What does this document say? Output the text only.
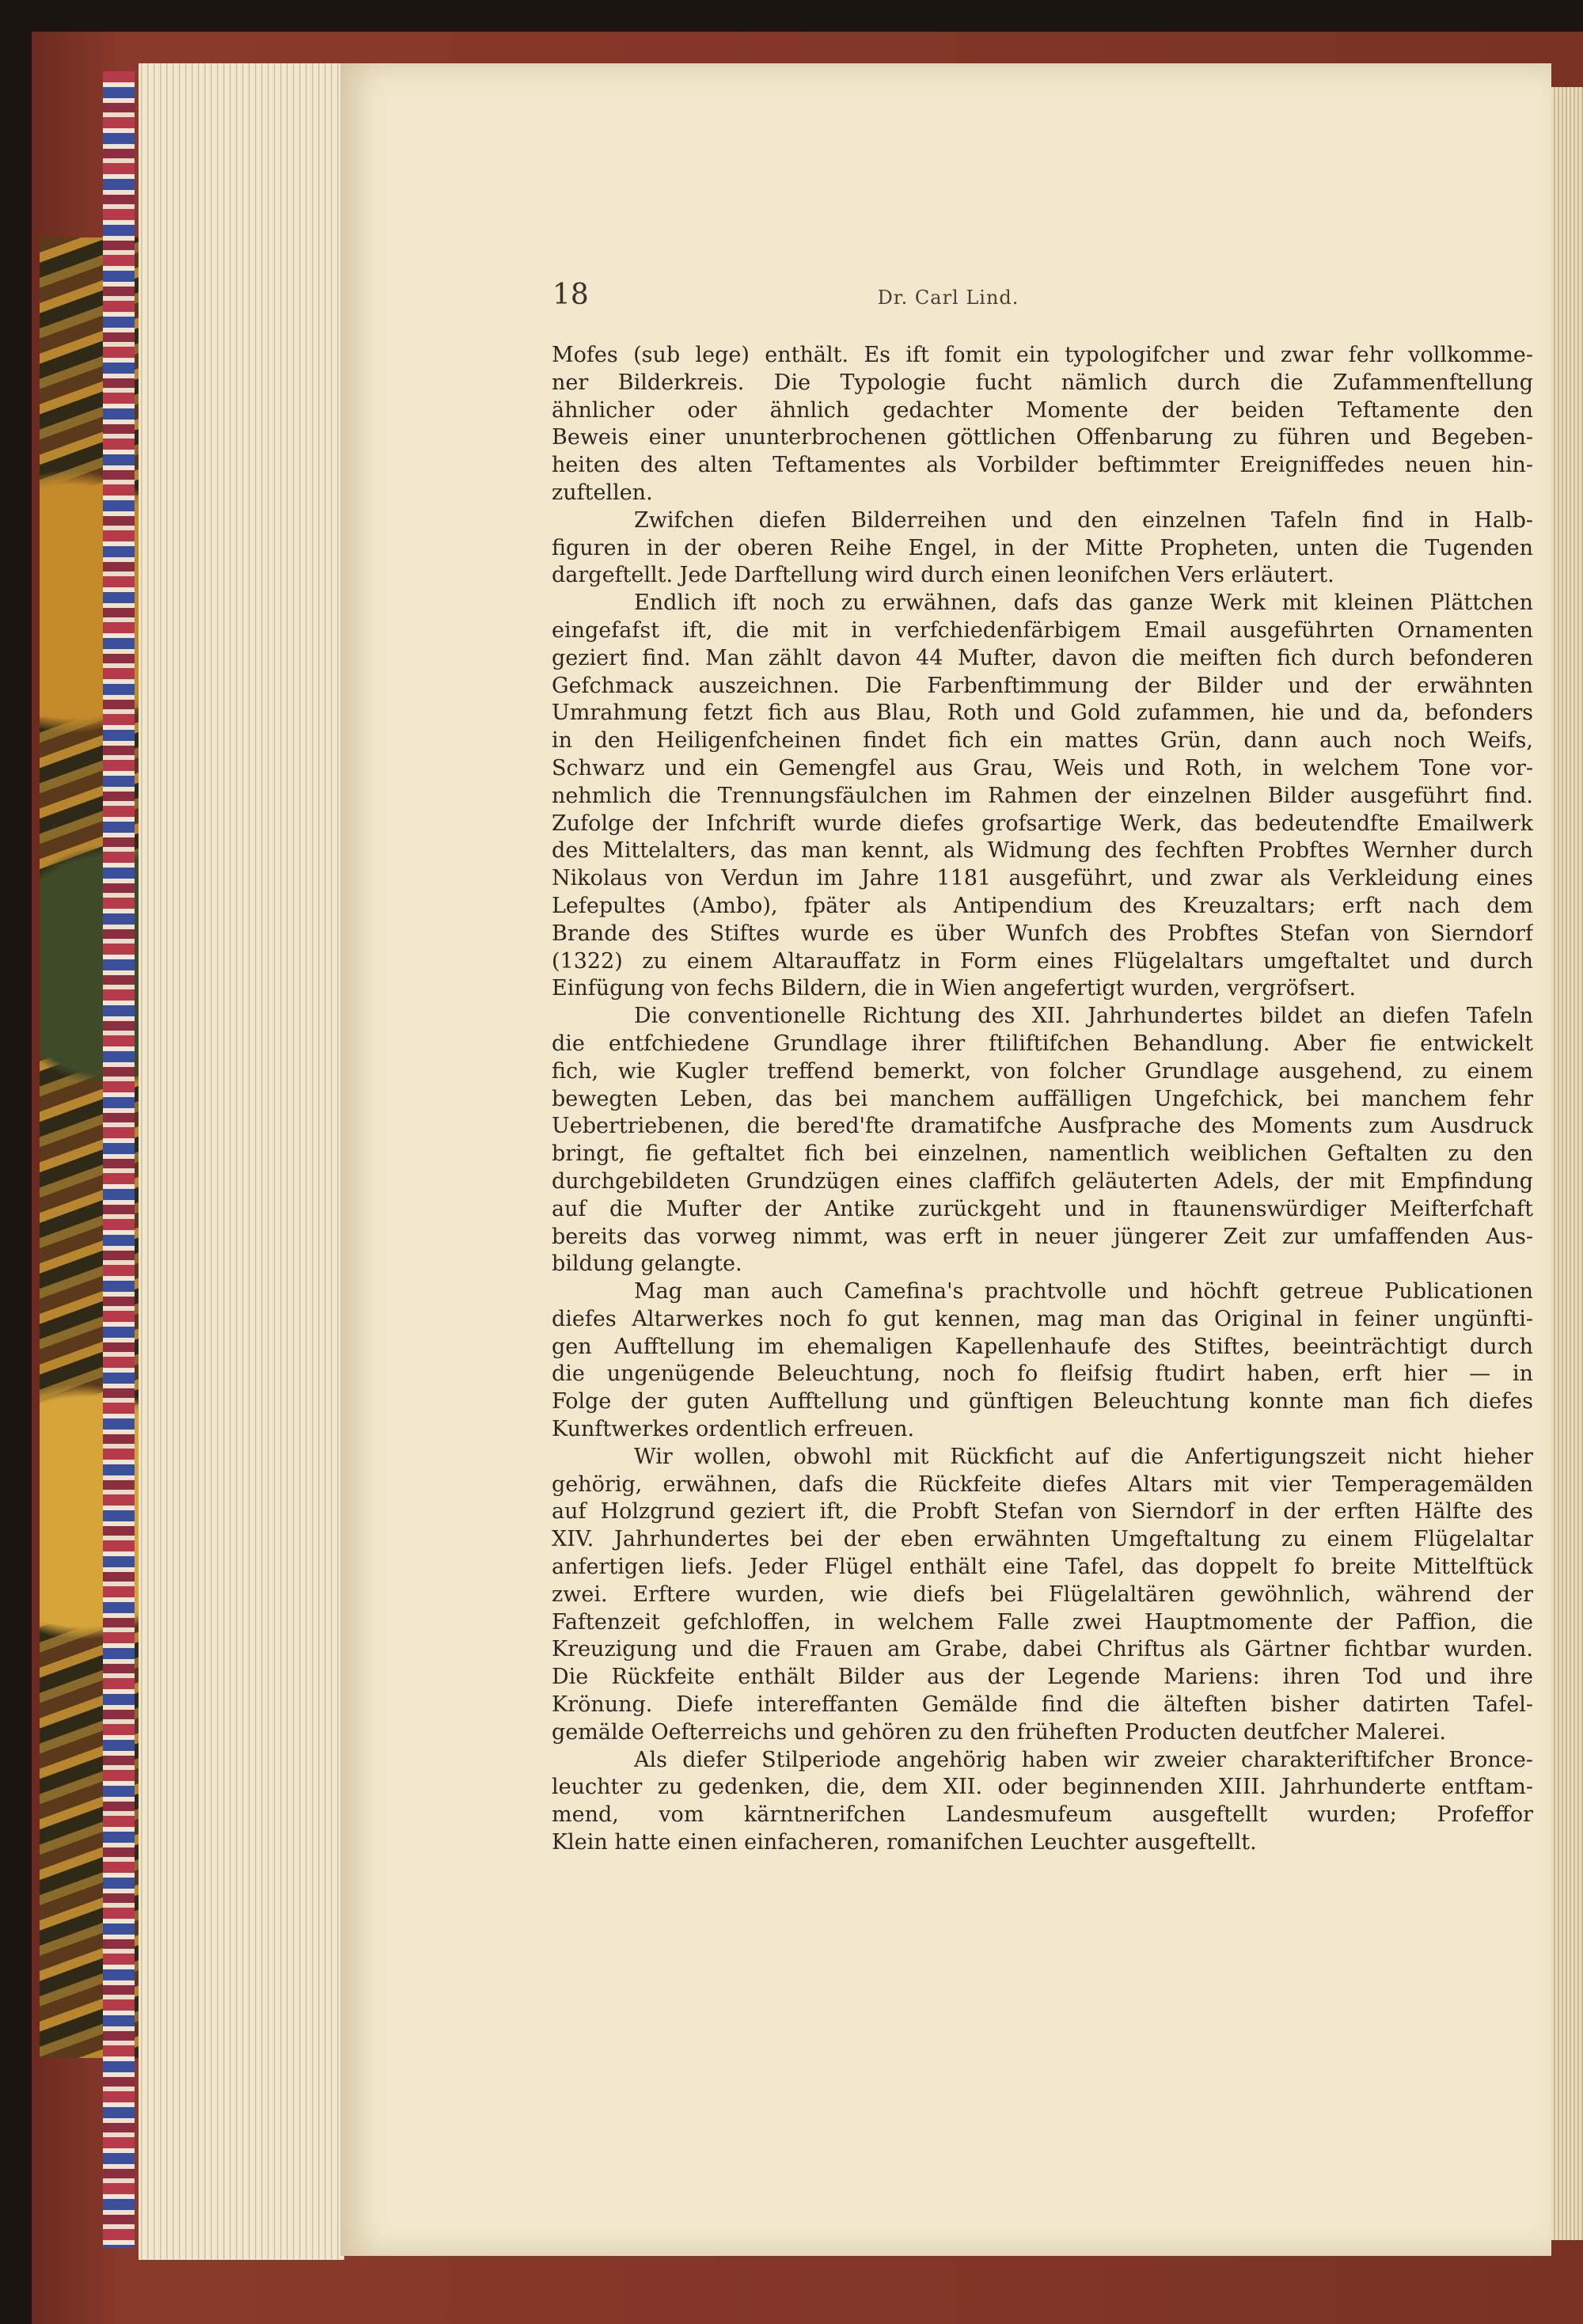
18	Dr. Carl Lind.
Mofes (sub lege) enthält. Es ift fomit ein typologifcher und zwar fehr vollkomme-
ner Bilderkreis. Die Typologie fucht nämlich durch die Zufammenftellung
ähnlicher oder ähnlich gedachter Momente der beiden Teftamente den
Beweis einer ununterbrochenen göttlichen Offenbarung zu führen und Begeben-
heiten des alten Teftamentes als Vorbilder beftimmter Ereigniffedes neuen hin-
zuftellen.
Zwifchen diefen Bilderreihen und den einzelnen Tafeln find in Halb-
figuren in der oberen Reihe Engel, in der Mitte Propheten, unten die Tugenden
dargeftellt. Jede Darftellung wird durch einen leonifchen Vers erläutert.
Endlich ift noch zu erwähnen, dafs das ganze Werk mit kleinen Plättchen
eingefafst ift, die mit in verfchiedenfärbigem Email ausgeführten Ornamenten
geziert find. Man zählt davon 44 Mufter, davon die meiften fich durch befonderen
Gefchmack auszeichnen. Die Farbenftimmung der Bilder und der erwähnten
Umrahmung fetzt fich aus Blau, Roth und Gold zufammen, hie und da, befonders
in den Heiligenfcheinen findet fich ein mattes Grün, dann auch noch Weifs,
Schwarz und ein Gemengfel aus Grau, Weis und Roth, in welchem Tone vor-
nehmlich die Trennungsfäulchen im Rahmen der einzelnen Bilder ausgeführt find.
Zufolge der Infchrift wurde diefes grofsartige Werk, das bedeutendfte Emailwerk
des Mittelalters, das man kennt, als Widmung des fechften Probftes Wernher durch
Nikolaus von Verdun im Jahre 1181 ausgeführt, und zwar als Verkleidung eines
Lefepultes (Ambo), fpäter als Antipendium des Kreuzaltars; erft nach dem
Brande des Stiftes wurde es über Wunfch des Probftes Stefan von Sierndorf
(1322) zu einem Altarauffatz in Form eines Flügelaltars umgeftaltet und durch
Einfügung von fechs Bildern, die in Wien angefertigt wurden, vergröfsert.
Die conventionelle Richtung des XII. Jahrhundertes bildet an diefen Tafeln
die entfchiedene Grundlage ihrer ftiliftifchen Behandlung. Aber fie entwickelt
fich, wie Kugler treffend bemerkt, von folcher Grundlage ausgehend, zu einem
bewegten Leben, das bei manchem auffälligen Ungefchick, bei manchem fehr
Uebertriebenen, die bered'fte dramatifche Ausfprache des Moments zum Ausdruck
bringt, fie geftaltet fich bei einzelnen, namentlich weiblichen Geftalten zu den
durchgebildeten Grundzügen eines claffifch geläuterten Adels, der mit Empfindung
auf die Mufter der Antike zurückgeht und in ftaunenswürdiger Meifterfchaft
bereits das vorweg nimmt, was erft in neuer jüngerer Zeit zur umfaffenden Aus-
bildung gelangte.
Mag man auch Camefina's prachtvolle und höchft getreue Publicationen
diefes Altarwerkes noch fo gut kennen, mag man das Original in feiner ungünfti-
gen Aufftellung im ehemaligen Kapellenhaufe des Stiftes, beeinträchtigt durch
die ungenügende Beleuchtung, noch fo fleifsig ftudirt haben, erft hier — in
Folge der guten Aufftellung und günftigen Beleuchtung konnte man fich diefes
Kunftwerkes ordentlich erfreuen.
Wir wollen, obwohl mit Rückficht auf die Anfertigungszeit nicht hieher
gehörig, erwähnen, dafs die Rückfeite diefes Altars mit vier Temperagemälden
auf Holzgrund geziert ift, die Probft Stefan von Sierndorf in der erften Hälfte des
XIV. Jahrhundertes bei der eben erwähnten Umgeftaltung zu einem Flügelaltar
anfertigen liefs. Jeder Flügel enthält eine Tafel, das doppelt fo breite Mittelftück
zwei. Erftere wurden, wie diefs bei Flügelaltären gewöhnlich, während der
Faftenzeit gefchloffen, in welchem Falle zwei Hauptmomente der Paffion, die
Kreuzigung und die Frauen am Grabe, dabei Chriftus als Gärtner fichtbar wurden.
Die Rückfeite enthält Bilder aus der Legende Mariens: ihren Tod und ihre
Krönung. Diefe intereffanten Gemälde find die älteften bisher datirten Tafel-
gemälde Oefterreichs und gehören zu den früheften Producten deutfcher Malerei.
Als diefer Stilperiode angehörig haben wir zweier charakteriftifcher Bronce-
leuchter zu gedenken, die, dem XII. oder beginnenden XIII. Jahrhunderte entftam-
mend, vom kärntnerifchen Landesmufeum ausgeftellt wurden; Profeffor
Klein hatte einen einfacheren, romanifchen Leuchter ausgeftellt.
